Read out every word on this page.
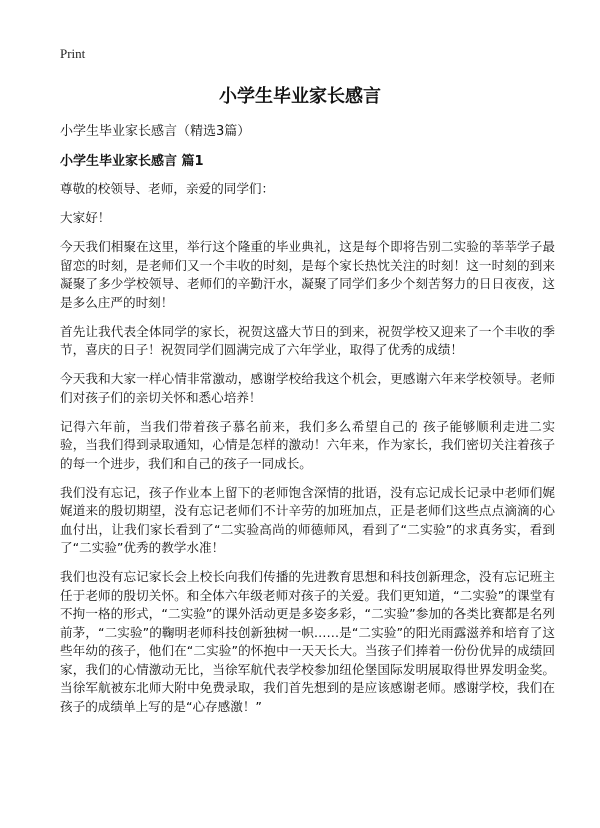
Print
小学生毕业家长感言
小学生毕业家长感言（精选3篇）
小学生毕业家长感言 篇1

尊敬的校领导、老师，亲爱的同学们：

大家好！

今天我们相聚在这里，举行这个隆重的毕业典礼，这是每个即将告别二实验的莘莘学子最留恋的时刻，是老师们又一个丰收的时刻，是每个家长热忱关注的时刻！这一时刻的到来凝聚了多少学校领导、老师们的辛勤汗水，凝聚了同学们多少个刻苦努力的日日夜夜，这是多么庄严的时刻！

首先让我代表全体同学的家长，祝贺这盛大节日的到来，祝贺学校又迎来了一个丰收的季节，喜庆的日子！祝贺同学们圆满完成了六年学业，取得了优秀的成绩！

今天我和大家一样心情非常激动，感谢学校给我这个机会，更感谢六年来学校领导。老师们对孩子们的亲切关怀和悉心培养！

记得六年前，当我们带着孩子慕名前来，我们多么希望自己的 孩子能够顺利走进二实验，当我们得到录取通知，心情是怎样的激动！六年来，作为家长，我们密切关注着孩子的每一个进步，我们和自己的孩子一同成长。

我们没有忘记，孩子作业本上留下的老师饱含深情的批语，没有忘记成长记录中老师们娓娓道来的殷切期望，没有忘记老师们不计辛劳的加班加点，正是老师们这些点点滴滴的心血付出，让我们家长看到了“二实验高尚的师德师风，看到了“二实验”的求真务实，看到了“二实验”优秀的教学水准！

我们也没有忘记家长会上校长向我们传播的先进教育思想和科技创新理念，没有忘记班主任于老师的殷切关怀。和全体六年级老师对孩子的关爱。我们更知道，“二实验”的课堂有不拘一格的形式，“二实验”的课外活动更是多姿多彩，“二实验”参加的各类比赛都是名列前茅，“二实验”的鞠明老师科技创新独树一帜……是“二实验”的阳光雨露滋养和培育了这些年幼的孩子，他们在“二实验”的怀抱中一天天长大。当孩子们捧着一份份优异的成绩回家，我们的心情激动无比，当徐军航代表学校参加纽伦堡国际发明展取得世界发明金奖。当徐军航被东北师大附中免费录取，我们首先想到的是应该感谢老师。感谢学校，我们在孩子的成绩单上写的是“心存感激！”
